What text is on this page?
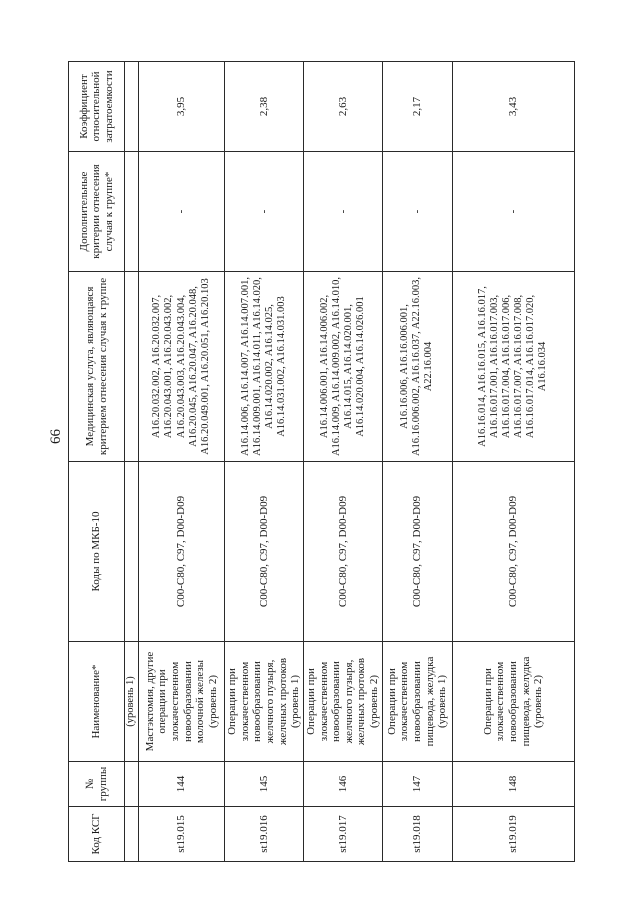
66
Код КСГ	№ группы	Наименование*	Коды по МКБ-10	Медицинская услуга, являющаяся критерием отнесения случая к группе	Дополнительные критерии отнесения случая к группе*	Коэффициент относительной затратоемкости
		(уровень 1)				
st19.015	144	Мастэктомия, другие операции при злокачественном новообразовании молочной железы (уровень 2)	C00-C80, C97, D00-D09	A16.20.032.002, A16.20.032.007, A16.20.043.001, A16.20.043.002, A16.20.043.003, A16.20.043.004, A16.20.045, A16.20.047, A16.20.048, A16.20.049.001, A16.20.051, A16.20.103	-	3,95
st19.016	145	Операции при злокачественном новообразовании желчного пузыря, желчных протоков (уровень 1)	C00-C80, C97, D00-D09	A16.14.006, A16.14.007, A16.14.007.001, A16.14.009.001, A16.14.011, A16.14.020, A16.14.020.002, A16.14.025, A16.14.031.002, A16.14.031.003	-	2,38
st19.017	146	Операции при злокачественном новообразовании желчного пузыря, желчных протоков (уровень 2)	C00-C80, C97, D00-D09	A16.14.006.001, A16.14.006.002, A16.14.009, A16.14.009.002, A16.14.010, A16.14.015, A16.14.020.001, A16.14.020.004, A16.14.026.001	-	2,63
st19.018	147	Операции при злокачественном новообразовании пищевода, желудка (уровень 1)	C00-C80, C97, D00-D09	A16.16.006, A16.16.006.001, A16.16.006.002, A16.16.037, A22.16.003, A22.16.004	-	2,17
st19.019	148	Операции при злокачественном новообразовании пищевода, желудка (уровень 2)	C00-C80, C97, D00-D09	A16.16.014, A16.16.015, A16.16.017, A16.16.017.001, A16.16.017.003, A16.16.017.004, A16.16.017.006, A16.16.017.007, A16.16.017.008, A16.16.017.014, A16.16.017.020, A16.16.034	-	3,43
